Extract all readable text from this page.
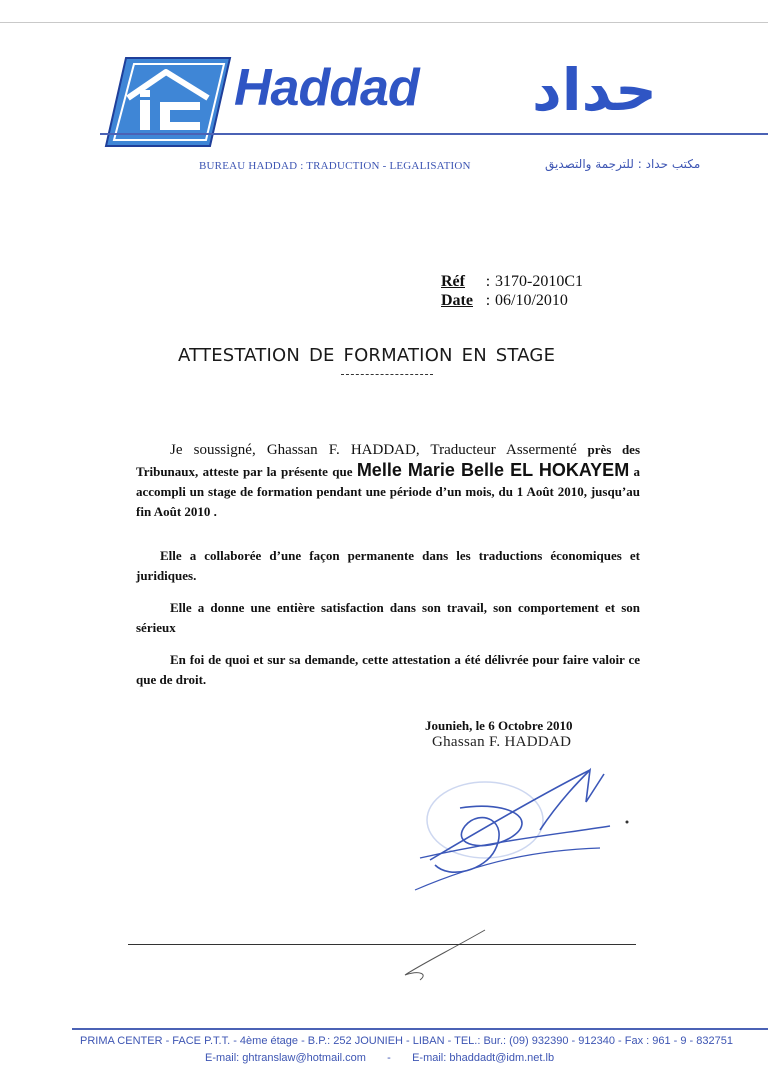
Haddad حداد
BUREAU HADDAD : TRADUCTION - LEGALISATION	مكتب حداد : للترجمة والتصديق
Réf	: 3170-2010C1
Date : 06/10/2010
ATTESTATION DE FORMATION EN STAGE
Je soussigné, Ghassan F. HADDAD, Traducteur Assermenté près des Tribunaux, atteste par la présente que Melle Marie Belle EL HOKAYEM a accompli un stage de formation pendant une période d’un mois, du 1 Août 2010, jusqu’au fin Août 2010 .
Elle a collaborée d’une façon permanente dans les traductions économiques et juridiques.
Elle a donne une entière satisfaction dans son travail, son comportement et son sérieux
En foi de quoi et sur sa demande, cette attestation a été délivrée pour faire valoir ce que de droit.
Jounieh, le 6 Octobre 2010
Ghassan F. HADDAD
PRIMA CENTER - FACE P.T.T. - 4ème étage - B.P.: 252 JOUNIEH - LIBAN - TEL.: Bur.: (09) 932390 - 912340 - Fax : 961 - 9 - 832751
E-mail: ghtranslaw@hotmail.com - E-mail: bhaddadt@idm.net.lb
